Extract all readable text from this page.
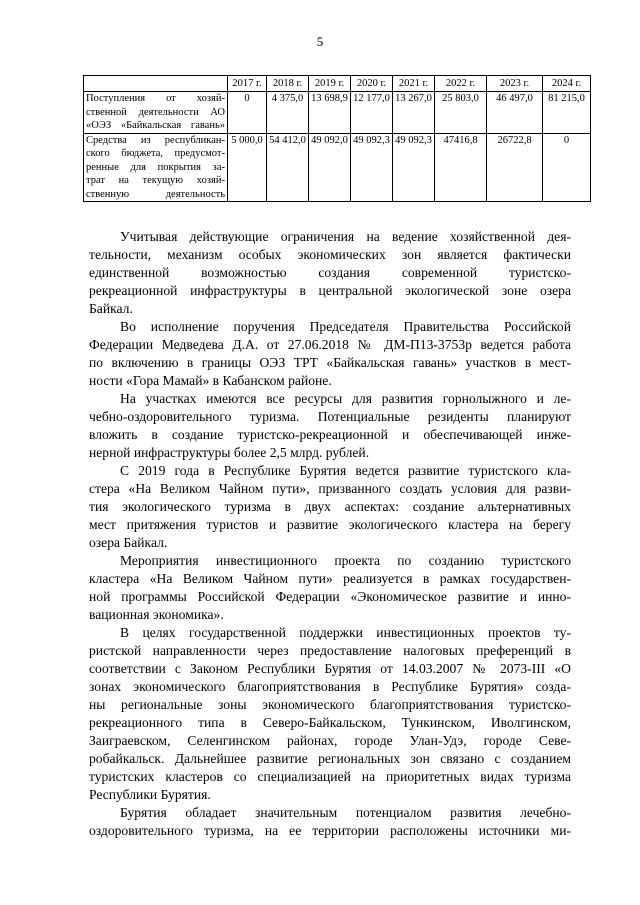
5
	2017 г.	2018 г.	2019 г.	2020 г.	2021 г.	2022 г.	2023 г.	2024 г.

Поступления от хозяй-
ственной деятельности АО
«ОЭЗ «Байкальская гавань»	0	4 375,0	13 698,9	12 177,0	13 267,0	25 803,0	46 497,0	81 215,0

Средства из республикан-
ского бюджета, предусмот-
ренные для покрытия за-
трат на текущую хозяй-
ственную деятельность	5 000,0	54 412,0	49 092,0	49 092,3	49 092,3	47416,8	26722,8	0

Учитывая действующие ограничения на ведение хозяйственной дея-
тельности, механизм особых экономических зон является фактически
единственной возможностью создания современной туристско-
рекреационной инфраструктуры в центральной экологической зоне озера
Байкал.

Во исполнение поручения Председателя Правительства Российской
Федерации Медведева Д.А. от 27.06.2018 № ДМ-П13-3753р ведется работа
по включению в границы ОЭЗ ТРТ «Байкальская гавань» участков в мест-
ности «Гора Мамай» в Кабанском районе.

На участках имеются все ресурсы для развития горнолыжного и ле-
чебно-оздоровительного туризма. Потенциальные резиденты планируют
вложить в создание туристско-рекреационной и обеспечивающей инже-
нерной инфраструктуры более 2,5 млрд. рублей.

С 2019 года в Республике Бурятия ведется развитие туристского кла-
стера «На Великом Чайном пути», призванного создать условия для разви-
тия экологического туризма в двух аспектах: создание альтернативных
мест притяжения туристов и развитие экологического кластера на берегу
озера Байкал.

Мероприятия инвестиционного проекта по созданию туристского
кластера «На Великом Чайном пути» реализуется в рамках государствен-
ной программы Российской Федерации «Экономическое развитие и инно-
вационная экономика».

В целях государственной поддержки инвестиционных проектов ту-
ристской направленности через предоставление налоговых преференций в
соответствии с Законом Республики Бурятия от 14.03.2007 № 2073-III «О
зонах экономического благоприятствования в Республике Бурятия» созда-
ны региональные зоны экономического благоприятствования туристско-
рекреационного типа в Северо-Байкальском, Тункинском, Иволгинском,
Заиграевском, Селенгинском районах, городе Улан-Удэ, городе Севе-
робайкальск. Дальнейшее развитие региональных зон связано с созданием
туристских кластеров со специализацией на приоритетных видах туризма
Республики Бурятия.

Бурятия обладает значительным потенциалом развития лечебно-
оздоровительного туризма, на ее территории расположены источники ми-
